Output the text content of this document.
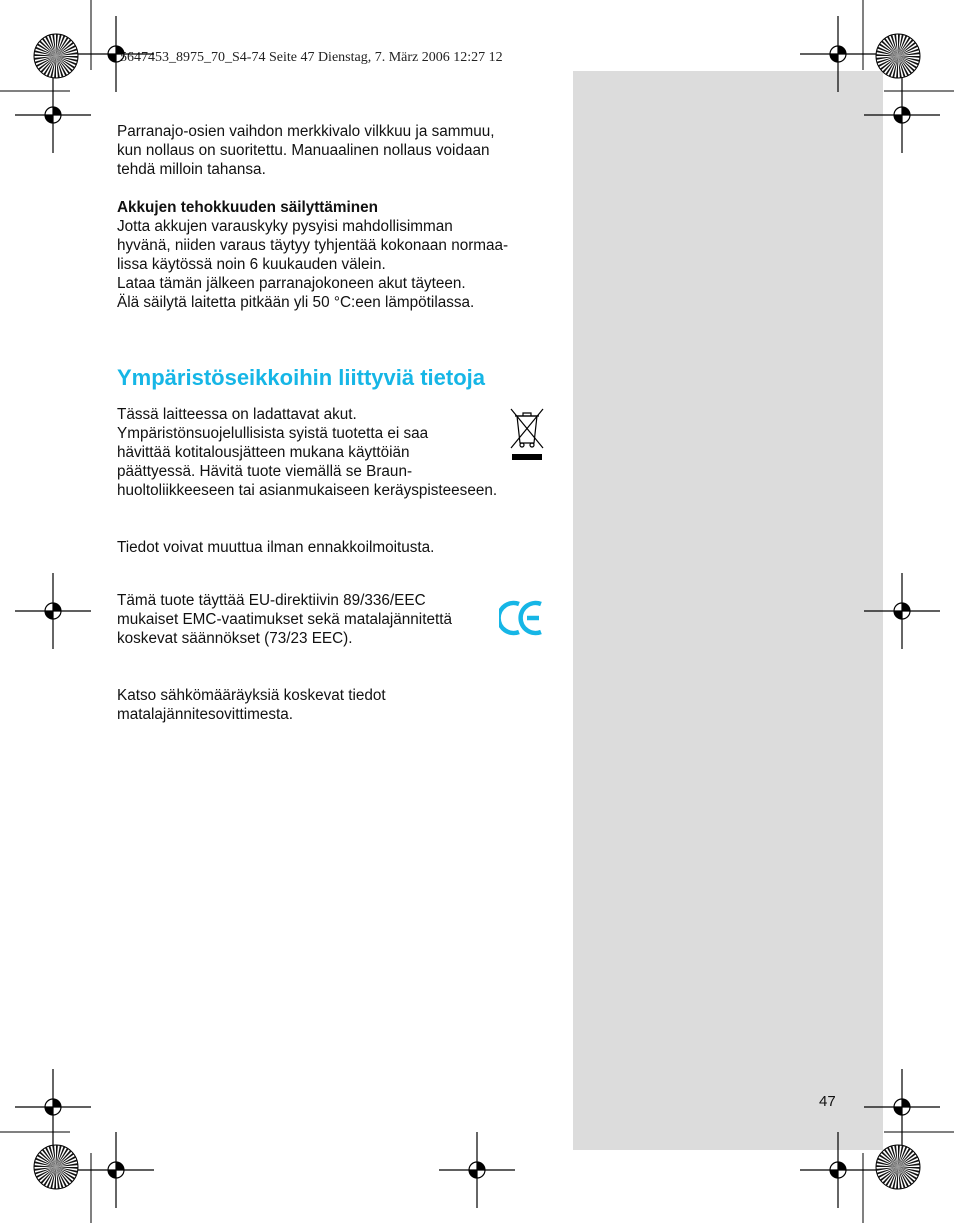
5647453_8975_70_S4-74 Seite 47 Dienstag, 7. März 2006 12:27 12

Parranajo-osien vaihdon merkkivalo vilkkuu ja sammuu,
kun nollaus on suoritettu. Manuaalinen nollaus voidaan
tehdä milloin tahansa.

Akkujen tehokkuuden säilyttäminen
Jotta akkujen varauskyky pysyisi mahdollisimman
hyvänä, niiden varaus täytyy tyhjentää kokonaan normaa-
lissa käytössä noin 6 kuukauden välein.
Lataa tämän jälkeen parranajokoneen akut täyteen.
Älä säilytä laitetta pitkään yli 50 °C:een lämpötilassa.

Ympäristöseikkoihin liittyviä tietoja

Tässä laitteessa on ladattavat akut.
Ympäristönsuojelullisista syistä tuotetta ei saa
hävittää kotitalousjätteen mukana käyttöiän
päättyessä. Hävitä tuote viemällä se Braun-
huoltoliikkeeseen tai asianmukaiseen keräyspisteeseen.

Tiedot voivat muuttua ilman ennakkoilmoitusta.

Tämä tuote täyttää EU-direktiivin 89/336/EEC
mukaiset EMC-vaatimukset sekä matalajännitettä
koskevat säännökset (73/23 EEC).

Katso sähkömääräyksiä koskevat tiedot
matalajännitesovittimesta.

47
